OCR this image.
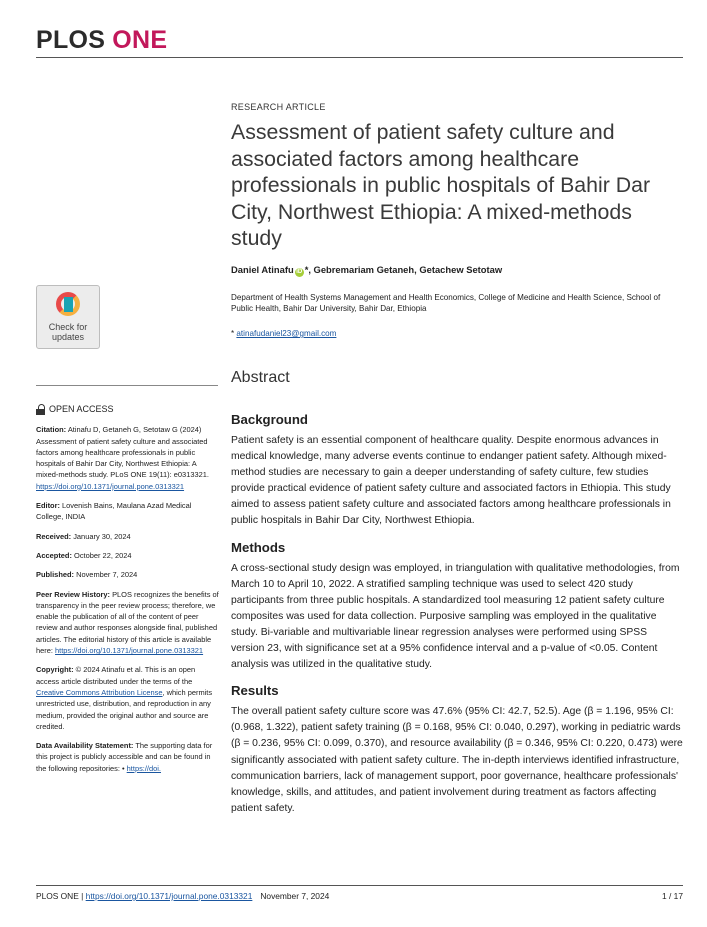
PLOS ONE
RESEARCH ARTICLE
Assessment of patient safety culture and associated factors among healthcare professionals in public hospitals of Bahir Dar City, Northwest Ethiopia: A mixed-methods study
Daniel Atinafu iD *, Gebremariam Getaneh, Getachew Setotaw
Department of Health Systems Management and Health Economics, College of Medicine and Health Science, School of Public Health, Bahir Dar University, Bahir Dar, Ethiopia
* atinafudaniel23@gmail.com
Check for
updates
Abstract
Background
Patient safety is an essential component of healthcare quality. Despite enormous advances in medical knowledge, many adverse events continue to endanger patient safety. Although mixed-method studies are necessary to gain a deeper understanding of safety culture, few studies provide practical evidence of patient safety culture and associated factors in Ethiopia. This study aimed to assess patient safety culture and associated factors among healthcare professionals in public hospitals in Bahir Dar City, Northwest Ethiopia.
Methods
A cross-sectional study design was employed, in triangulation with qualitative methodologies, from March 10 to April 10, 2022. A stratified sampling technique was used to select 420 study participants from three public hospitals. A standardized tool measuring 12 patient safety culture composites was used for data collection. Purposive sampling was employed in the qualitative study. Bi-variable and multivariable linear regression analyses were performed using SPSS version 23, with significance set at a 95% confidence interval and a p-value of <0.05. Content analysis was utilized in the qualitative study.
Results
The overall patient safety culture score was 47.6% (95% CI: 42.7, 52.5). Age (β = 1.196, 95% CI: (0.968, 1.322), patient safety training (β = 0.168, 95% CI: 0.040, 0.297), working in pediatric wards (β = 0.236, 95% CI: 0.099, 0.370), and resource availability (β = 0.346, 95% CI: 0.220, 0.473) were significantly associated with patient safety culture. The in-depth interviews identified infrastructure, communication barriers, lack of management support, poor governance, healthcare professionals' knowledge, skills, and attitudes, and patient involvement during treatment as factors affecting patient safety.
OPEN ACCESS
Citation: Atinafu D, Getaneh G, Setotaw G (2024) Assessment of patient safety culture and associated factors among healthcare professionals in public hospitals of Bahir Dar City, Northwest Ethiopia: A mixed-methods study. PLoS ONE 19(11): e0313321. https://doi.org/10.1371/journal.pone.0313321
Editor: Lovenish Bains, Maulana Azad Medical College, INDIA
Received: January 30, 2024
Accepted: October 22, 2024
Published: November 7, 2024
Peer Review History: PLOS recognizes the benefits of transparency in the peer review process; therefore, we enable the publication of all of the content of peer review and author responses alongside final, published articles. The editorial history of this article is available here: https://doi.org/10.1371/journal.pone.0313321
Copyright: © 2024 Atinafu et al. This is an open access article distributed under the terms of the Creative Commons Attribution License, which permits unrestricted use, distribution, and reproduction in any medium, provided the original author and source are credited.
Data Availability Statement: The supporting data for this project is publicly accessible and can be found in the following repositories: • https://doi.
PLOS ONE | https://doi.org/10.1371/journal.pone.0313321 November 7, 2024	1 / 17
